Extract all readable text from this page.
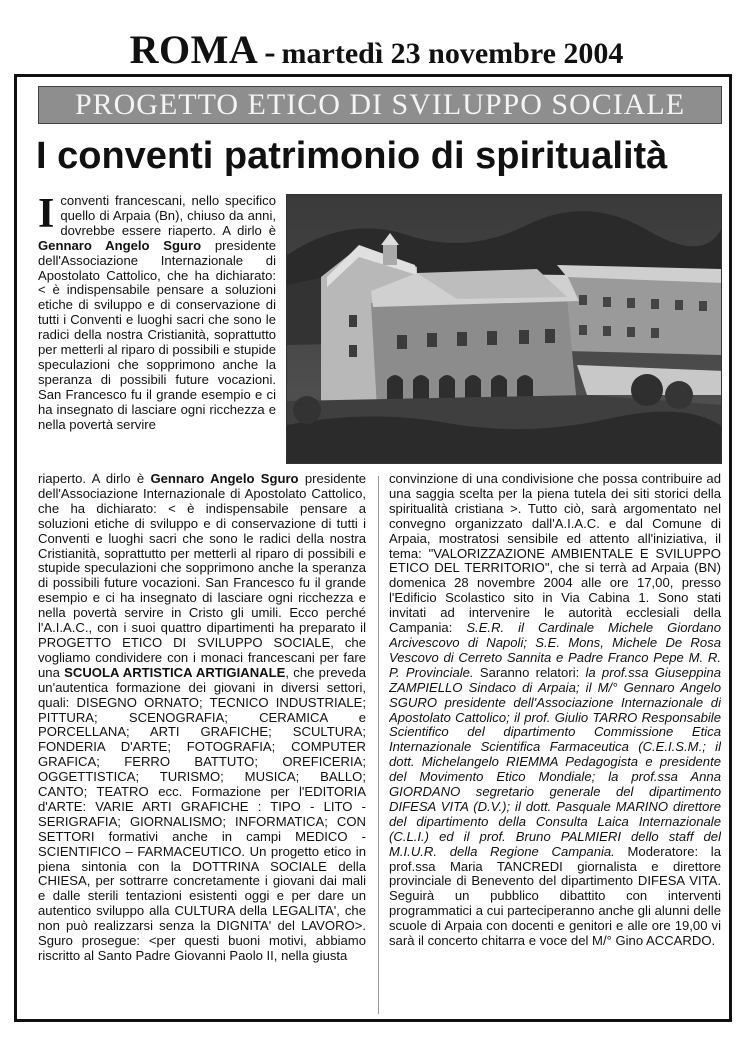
ROMA - martedì 23 novembre 2004
PROGETTO ETICO DI SVILUPPO SOCIALE
I conventi patrimonio di spiritualità
Iconventi francescani, nello specifico quello di Arpaia (Bn), chiuso da anni, dovrebbe essere riaperto. A dirlo è Gennaro Angelo Sguro presidente dell'Associazione Internazionale di Apostolato Cattolico, che ha dichiarato: < è indispensabile pensare a soluzioni etiche di sviluppo e di conservazione di tutti i Conventi e luoghi sacri che sono le radici della nostra Cristianità, soprattutto per metterli al riparo di possibili e stupide speculazioni che sopprimono anche la speranza di possibili future vocazioni. San Francesco fu il grande esempio e ci ha insegnato di lasciare ogni ricchezza e nella povertà servire

riaperto. A dirlo è Gennaro Angelo Sguro presidente dell'Associazione Internazionale di Apostolato Cattolico, che ha dichiarato: < è indispensabile pensare a soluzioni etiche di sviluppo e di conservazione di tutti i Conventi e luoghi sacri che sono le radici della nostra Cristianità, soprattutto per metterli al riparo di possibili e stupide speculazioni che sopprimono anche la speranza di possibili future vocazioni. San Francesco fu il grande esempio e ci ha insegnato di lasciare ogni ricchezza e nella povertà servire in Cristo gli umili. Ecco perché l'A.I.A.C., con i suoi quattro dipartimenti ha preparato il PROGETTO ETICO DI SVILUPPO SOCIALE, che vogliamo condividere con i monaci francescani per fare una SCUOLA ARTISTICA ARTIGIANALE, che preveda un'autentica formazione dei giovani in diversi settori, quali: DISEGNO ORNATO; TECNICO INDUSTRIALE; PITTURA; SCENOGRAFIA; CERAMICA e PORCELLANA; ARTI GRAFICHE; SCULTURA; FONDERIA D'ARTE; FOTOGRAFIA; COMPUTER GRAFICA; FERRO BATTUTO; OREFICERIA; OGGETTISTICA; TURISMO; MUSICA; BALLO; CANTO; TEATRO ecc. Formazione per l'EDITORIA d'ARTE: VARIE ARTI GRAFICHE : TIPO - LITO - SERIGRAFIA; GIORNALISMO; INFORMATICA; CON SETTORI formativi anche in campi MEDICO - SCIENTIFICO – FARMACEUTICO. Un progetto etico in piena sintonia con la DOTTRINA SOCIALE della CHIESA, per sottrarre concretamente i giovani dai mali e dalle sterili tentazioni esistenti oggi e per dare un autentico sviluppo alla CULTURA della LEGALITA', che non può realizzarsi senza la DIGNITA' del LAVORO>. Sguro prosegue: <per questi buoni motivi, abbiamo riscritto al Santo Padre Giovanni Paolo II, nella giusta

convinzione di una condivisione che possa contribuire ad una saggia scelta per la piena tutela dei siti storici della spiritualità cristiana >. Tutto ciò, sarà argomentato nel convegno organizzato dall'A.I.A.C. e dal Comune di Arpaia, mostratosi sensibile ed attento all'iniziativa, il tema: "VALORIZZAZIONE AMBIENTALE E SVILUPPO ETICO DEL TERRITORIO", che si terrà ad Arpaia (BN) domenica 28 novembre 2004 alle ore 17,00, presso l'Edificio Scolastico sito in Via Cabina 1. Sono stati invitati ad intervenire le autorità ecclesiali della Campania: S.E.R. il Cardinale Michele Giordano Arcivescovo di Napoli; S.E. Mons, Michele De Rosa Vescovo di Cerreto Sannita e Padre Franco Pepe M. R. P. Provinciale. Saranno relatori: la prof.ssa Giuseppina ZAMPIELLO Sindaco di Arpaia; il M/° Gennaro Angelo SGURO presidente dell'Associazione Internazionale di Apostolato Cattolico; il prof. Giulio TARRO Responsabile Scientifico del dipartimento Commissione Etica Internazionale Scientifica Farmaceutica (C.E.I.S.M.; il dott. Michelangelo RIEMMA Pedagogista e presidente del Movimento Etico Mondiale; la prof.ssa Anna GIORDANO segretario generale del dipartimento DIFESA VITA (D.V.); il dott. Pasquale MARINO direttore del dipartimento della Consulta Laica Internazionale (C.L.I.) ed il prof. Bruno PALMIERI dello staff del M.I.U.R. della Regione Campania. Moderatore: la prof.ssa Maria TANCREDI giornalista e direttore provinciale di Benevento del dipartimento DIFESA VITA. Seguirà un pubblico dibattito con interventi programmatici a cui parteciperanno anche gli alunni delle scuole di Arpaia con docenti e genitori e alle ore 19,00 vi sarà il concerto chitarra e voce del M/° Gino ACCARDO.
